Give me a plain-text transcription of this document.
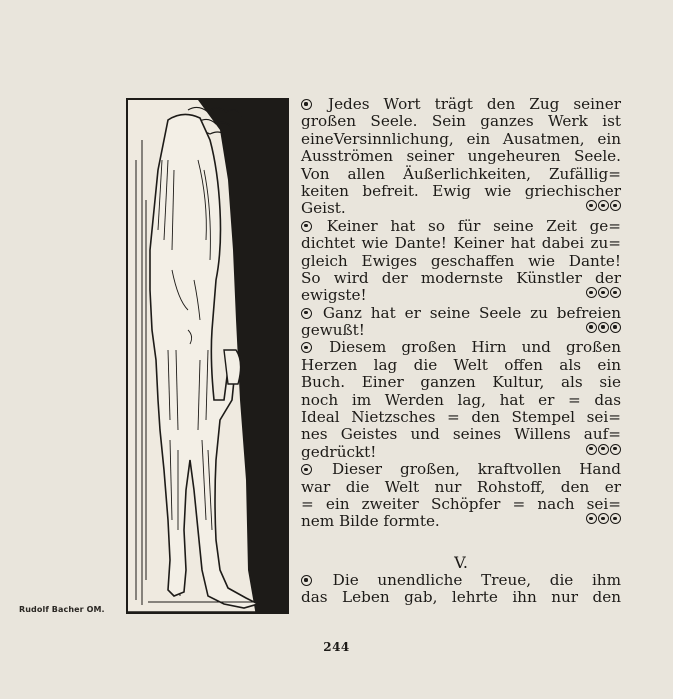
Rudolf Bacher OM.
Jedes Wort trägt den Zug seiner
großen Seele. Sein ganzes Werk ist
eineVersinnlichung, ein Ausatmen, ein
Ausströmen seiner ungeheuren Seele.
Von allen Äußerlichkeiten, Zufällig=
keiten befreit. Ewig wie griechischer
Geist.
Keiner hat so für seine Zeit ge=
dichtet wie Dante! Keiner hat dabei zu=
gleich Ewiges geschaffen wie Dante!
So wird der modernste Künstler der
ewigste!
Ganz hat er seine Seele zu befreien
gewußt!
Diesem großen Hirn und großen
Herzen lag die Welt offen als ein
Buch. Einer ganzen Kultur, als sie
noch im Werden lag, hat er = das
Ideal Nietzsches = den Stempel sei=
nes Geistes und seines Willens auf=
gedrückt!
Dieser großen, kraftvollen Hand
war die Welt nur Rohstoff, den er
= ein zweiter Schöpfer = nach sei=
nem Bilde formte.
V.
Die unendliche Treue, die ihm
das Leben gab, lehrte ihn nur den
244
